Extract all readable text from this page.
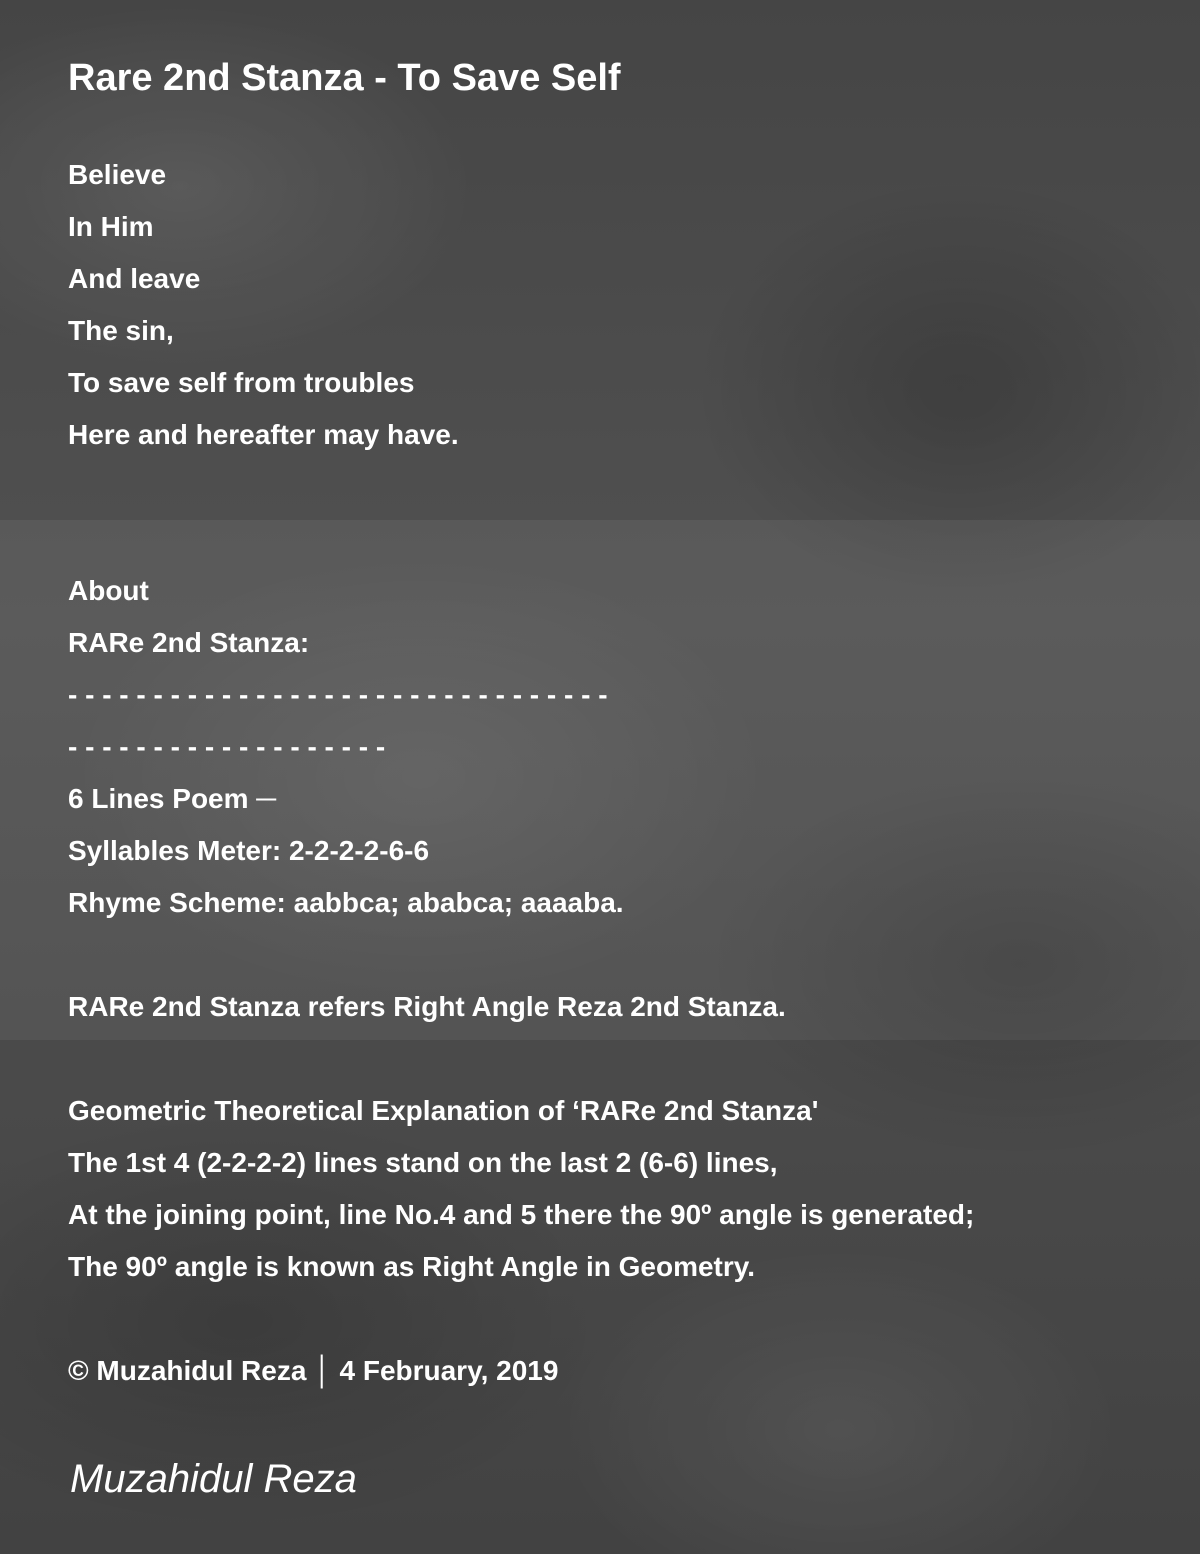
Rare 2nd Stanza - To Save Self
Believe
In Him
And leave
The sin,
To save self from troubles
Here and hereafter may have.
About
RARe 2nd Stanza:
- - - - - - - - - - - - - - - - - - - - - - - - - - - - - - - -
- - - - - - - - - - - - - - - - - - -
6 Lines Poem ─
Syllables Meter: 2-2-2-2-6-6
Rhyme Scheme: aabbca; ababca; aaaaba.
RARe 2nd Stanza refers Right Angle Reza 2nd Stanza.
Geometric Theoretical Explanation of ‘RARe 2nd Stanza'
The 1st 4 (2-2-2-2) lines stand on the last 2 (6-6) lines,
At the joining point, line No.4 and 5 there the 90º angle is generated;
The 90º angle is known as Right Angle in Geometry.
© Muzahidul Reza │ 4 February, 2019

Muzahidul Reza
